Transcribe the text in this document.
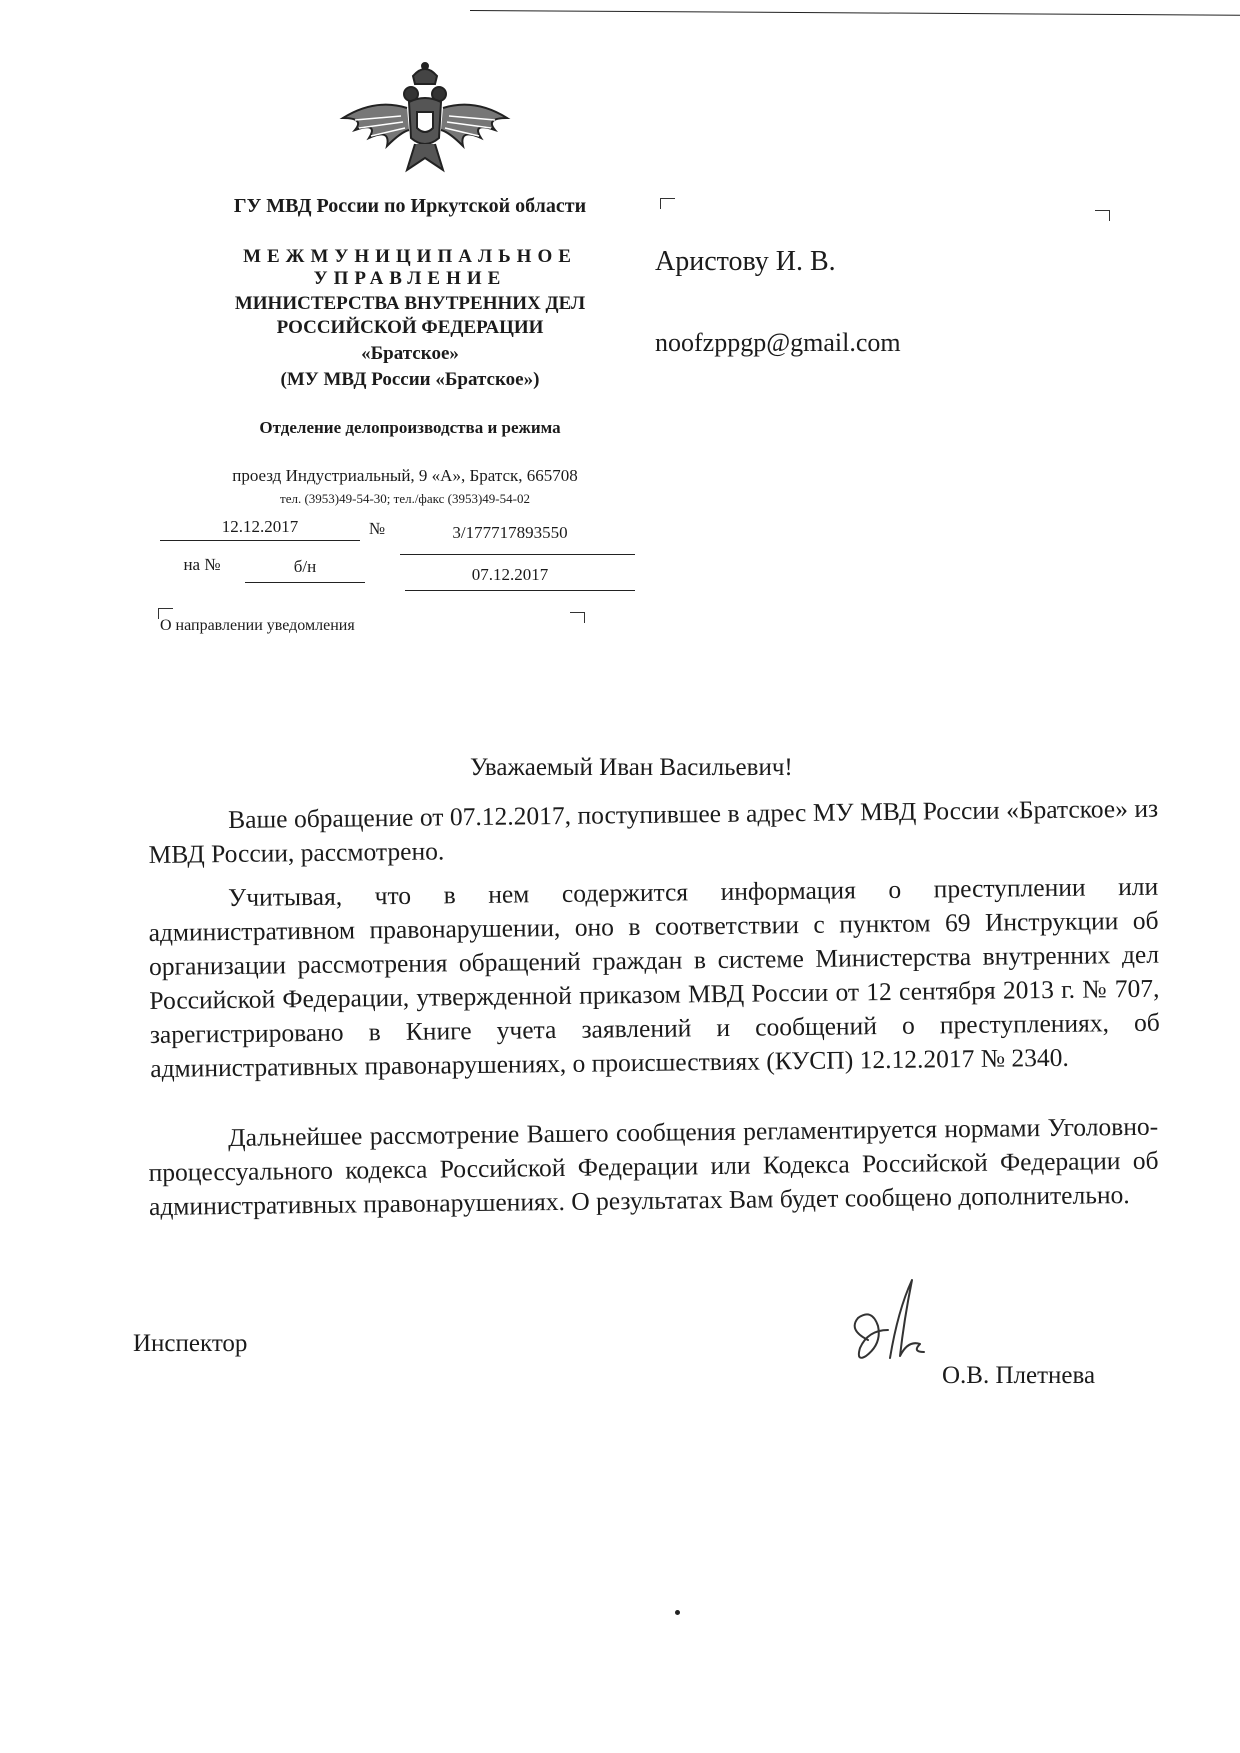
ГУ МВД России по Иркутской области
МЕЖМУНИЦИПАЛЬНОЕ
УПРАВЛЕНИЕ
МИНИСТЕРСТВА ВНУТРЕННИХ ДЕЛ
РОССИЙСКОЙ ФЕДЕРАЦИИ
«Братское»
(МУ МВД России «Братское»)
Отделение делопроизводства и режима
проезд Индустриальный, 9 «А», Братск, 665708
тел. (3953)49-54-30; тел./факс (3953)49-54-02
12.12.2017	№	3/177717893550
на №	б/н	07.12.2017
О направлении уведомления
Аристову И. В.
noofzppgp@gmail.com
Уважаемый Иван Васильевич!

Ваше обращение от 07.12.2017, поступившее в адрес МУ МВД России «Братское» из МВД России, рассмотрено.

Учитывая, что в нем содержится информация о преступлении или административном правонарушении, оно в соответствии с пунктом 69 Инструкции об организации рассмотрения обращений граждан в системе Министерства внутренних дел Российской Федерации, утвержденной приказом МВД России от 12 сентября 2013 г. № 707, зарегистрировано в Книге учета заявлений и сообщений о преступлениях, об административных правонарушениях, о происшествиях (КУСП) 12.12.2017 № 2340.

Дальнейшее рассмотрение Вашего сообщения регламентируется нормами Уголовно-процессуального кодекса Российской Федерации или Кодекса Российской Федерации об административных правонарушениях. О результатах Вам будет сообщено дополнительно.

Инспектор
О.В. Плетнева
